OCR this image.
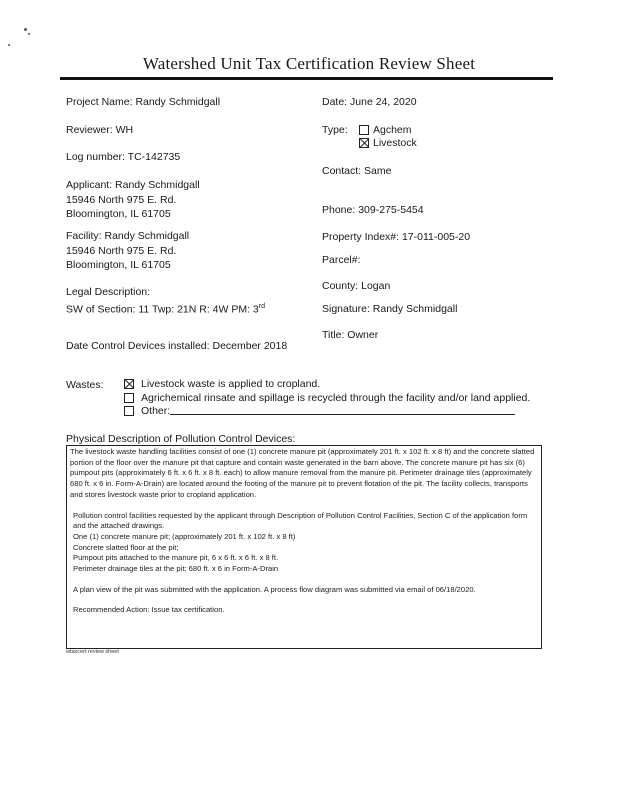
Watershed Unit Tax Certification Review Sheet
Project Name: Randy Schmidgall
Reviewer: WH
Log number: TC-142735
Applicant: Randy Schmidgall
15946 North 975 E. Rd.
Bloomington, IL 61705
Facility: Randy Schmidgall
15946 North 975 E. Rd.
Bloomington, IL 61705
Legal Description:
SW of Section: 11 Twp: 21N R: 4W PM: 3rd
Date Control Devices installed: December 2018
Date: June 24, 2020
Type:	Agchem
Livestock
Contact: Same
Phone: 309-275-5454
Property Index#: 17-011-005-20
Parcel#:
County: Logan
Signature: Randy Schmidgall
Title: Owner
Wastes:	Livestock waste is applied to cropland.
Agrichemical rinsate and spillage is recycled through the facility and/or land applied.
Other:
Physical Description of Pollution Control Devices:
The livestock waste handling facilities consist of one (1) concrete manure pit (approximately 201 ft. x 102 ft. x 8 ft) and the concrete slatted portion of the floor over the manure pit that capture and contain waste generated in the barn above. The concrete manure pit has six (6) pumpout pits (approximately 6 ft. x 6 ft. x 8 ft. each) to allow manure removal from the manure pit. Perimeter drainage tiles (approximately 680 ft. x 6 in. Form-A-Drain) are located around the footing of the manure pit to prevent flotation of the pit. The facility collects, transports and stores livestock waste prior to cropland application.
Pollution control facilities requested by the applicant through Description of Pollution Control Facilities, Section C of the application form and the attached drawings.
One (1) concrete manure pit; (approximately 201 ft. x 102 ft. x 8 ft)
Concrete slatted floor at the pit;
Pumpout pits attached to the manure pit, 6 x 6 ft. x 6 ft. x 8 ft.
Perimeter drainage tiles at the pit; 680 ft. x 6 in Form-A-Drain
A plan view of the pit was submitted with the application. A process flow diagram was submitted via email of 06/18/2020.
Recommended Action: Issue tax certification.
wtaxcert review sheet
